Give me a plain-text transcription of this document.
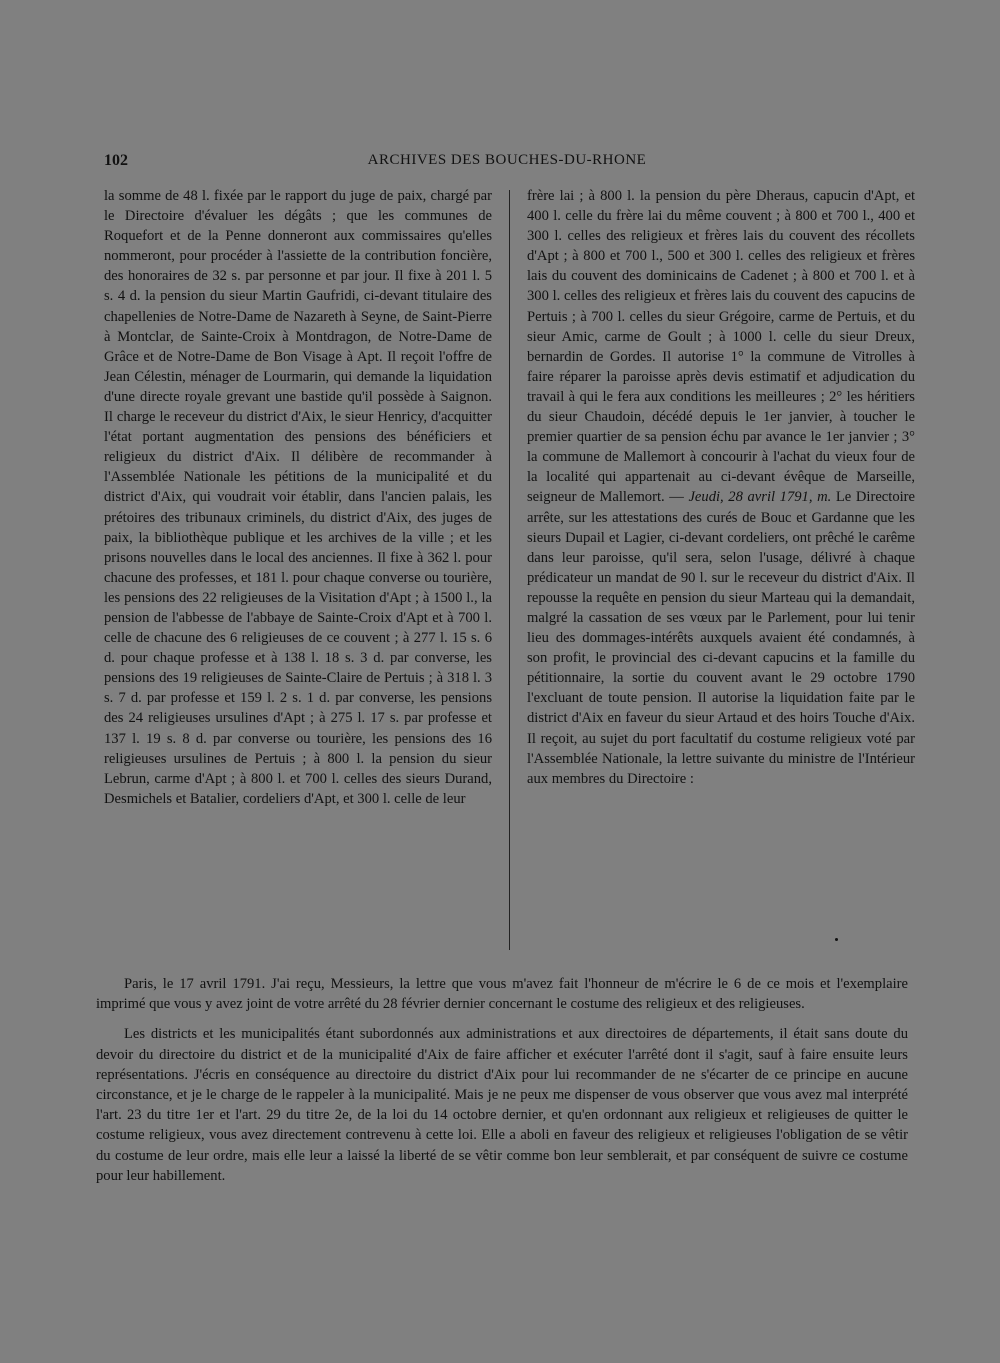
102	ARCHIVES DES BOUCHES-DU-RHONE

la somme de 48 l. fixée par le rapport du juge de paix, chargé par le Directoire d'évaluer les dégâts ; que les communes de Roquefort et de la Penne donneront aux commissaires qu'elles nommeront, pour procéder à l'assiette de la contribution foncière, des honoraires de 32 s. par personne et par jour. Il fixe à 201 l. 5 s. 4 d. la pension du sieur Martin Gaufridi, ci-devant titulaire des chapellenies de Notre-Dame de Nazareth à Seyne, de Saint-Pierre à Montclar, de Sainte-Croix à Montdragon, de Notre-Dame de Grâce et de Notre-Dame de Bon Visage à Apt. Il reçoit l'offre de Jean Célestin, ménager de Lourmarin, qui demande la liquidation d'une directe royale grevant une bastide qu'il possède à Saignon. Il charge le receveur du district d'Aix, le sieur Henricy, d'acquitter l'état portant augmentation des pensions des bénéficiers et religieux du district d'Aix. Il délibère de recommander à l'Assemblée Nationale les pétitions de la municipalité et du district d'Aix, qui voudrait voir établir, dans l'ancien palais, les prétoires des tribunaux criminels, du district d'Aix, des juges de paix, la bibliothèque publique et les archives de la ville ; et les prisons nouvelles dans le local des anciennes. Il fixe à 362 l. pour chacune des professes, et 181 l. pour chaque converse ou tourière, les pensions des 22 religieuses de la Visitation d'Apt ; à 1500 l., la pension de l'abbesse de l'abbaye de Sainte-Croix d'Apt et à 700 l. celle de chacune des 6 religieuses de ce couvent ; à 277 l. 15 s. 6 d. pour chaque professe et à 138 l. 18 s. 3 d. par converse, les pensions des 19 religieuses de Sainte-Claire de Pertuis ; à 318 l. 3 s. 7 d. par professe et 159 l. 2 s. 1 d. par converse, les pensions des 24 religieuses ursulines d'Apt ; à 275 l. 17 s. par professe et 137 l. 19 s. 8 d. par converse ou tourière, les pensions des 16 religieuses ursulines de Pertuis ; à 800 l. la pension du sieur Lebrun, carme d'Apt ; à 800 l. et 700 l. celles des sieurs Durand, Desmichels et Batalier, cordeliers d'Apt, et 300 l. celle de leur

frère lai ; à 800 l. la pension du père Dheraus, capucin d'Apt, et 400 l. celle du frère lai du même couvent ; à 800 et 700 l., 400 et 300 l. celles des religieux et frères lais du couvent des récollets d'Apt ; à 800 et 700 l., 500 et 300 l. celles des religieux et frères lais du couvent des dominicains de Cadenet ; à 800 et 700 l. et à 300 l. celles des religieux et frères lais du couvent des capucins de Pertuis ; à 700 l. celles du sieur Grégoire, carme de Pertuis, et du sieur Amic, carme de Goult ; à 1000 l. celle du sieur Dreux, bernardin de Gordes. Il autorise 1° la commune de Vitrolles à faire réparer la paroisse après devis estimatif et adjudication du travail à qui le fera aux conditions les meilleures ; 2° les héritiers du sieur Chaudoin, décédé depuis le 1er janvier, à toucher le premier quartier de sa pension échu par avance le 1er janvier ; 3° la commune de Mallemort à concourir à l'achat du vieux four de la localité qui appartenait au ci-devant évêque de Marseille, seigneur de Mallemort. — Jeudi, 28 avril 1791, m. Le Directoire arrête, sur les attestations des curés de Bouc et Gardanne que les sieurs Dupail et Lagier, ci-devant cordeliers, ont prêché le carême dans leur paroisse, qu'il sera, selon l'usage, délivré à chaque prédicateur un mandat de 90 l. sur le receveur du district d'Aix. Il repousse la requête en pension du sieur Marteau qui la demandait, malgré la cassation de ses vœux par le Parlement, pour lui tenir lieu des dommages-intérêts auxquels avaient été condamnés, à son profit, le provincial des ci-devant capucins et la famille du pétitionnaire, la sortie du couvent avant le 29 octobre 1790 l'excluant de toute pension. Il autorise la liquidation faite par le district d'Aix en faveur du sieur Artaud et des hoirs Touche d'Aix. Il reçoit, au sujet du port facultatif du costume religieux voté par l'Assemblée Nationale, la lettre suivante du ministre de l'Intérieur aux membres du Directoire :

Paris, le 17 avril 1791. J'ai reçu, Messieurs, la lettre que vous m'avez fait l'honneur de m'écrire le 6 de ce mois et l'exemplaire imprimé que vous y avez joint de votre arrêté du 28 février dernier concernant le costume des religieux et des religieuses.

Les districts et les municipalités étant subordonnés aux administrations et aux directoires de départements, il était sans doute du devoir du directoire du district et de la municipalité d'Aix de faire afficher et exécuter l'arrêté dont il s'agit, sauf à faire ensuite leurs représentations. J'écris en conséquence au directoire du district d'Aix pour lui recommander de ne s'écarter de ce principe en aucune circonstance, et je le charge de le rappeler à la municipalité. Mais je ne peux me dispenser de vous observer que vous avez mal interprété l'art. 23 du titre 1er et l'art. 29 du titre 2e, de la loi du 14 octobre dernier, et qu'en ordonnant aux religieux et religieuses de quitter le costume religieux, vous avez directement contrevenu à cette loi. Elle a aboli en faveur des religieux et religieuses l'obligation de se vêtir du costume de leur ordre, mais elle leur a laissé la liberté de se vêtir comme bon leur semblerait, et par conséquent de suivre ce costume pour leur habillement.
